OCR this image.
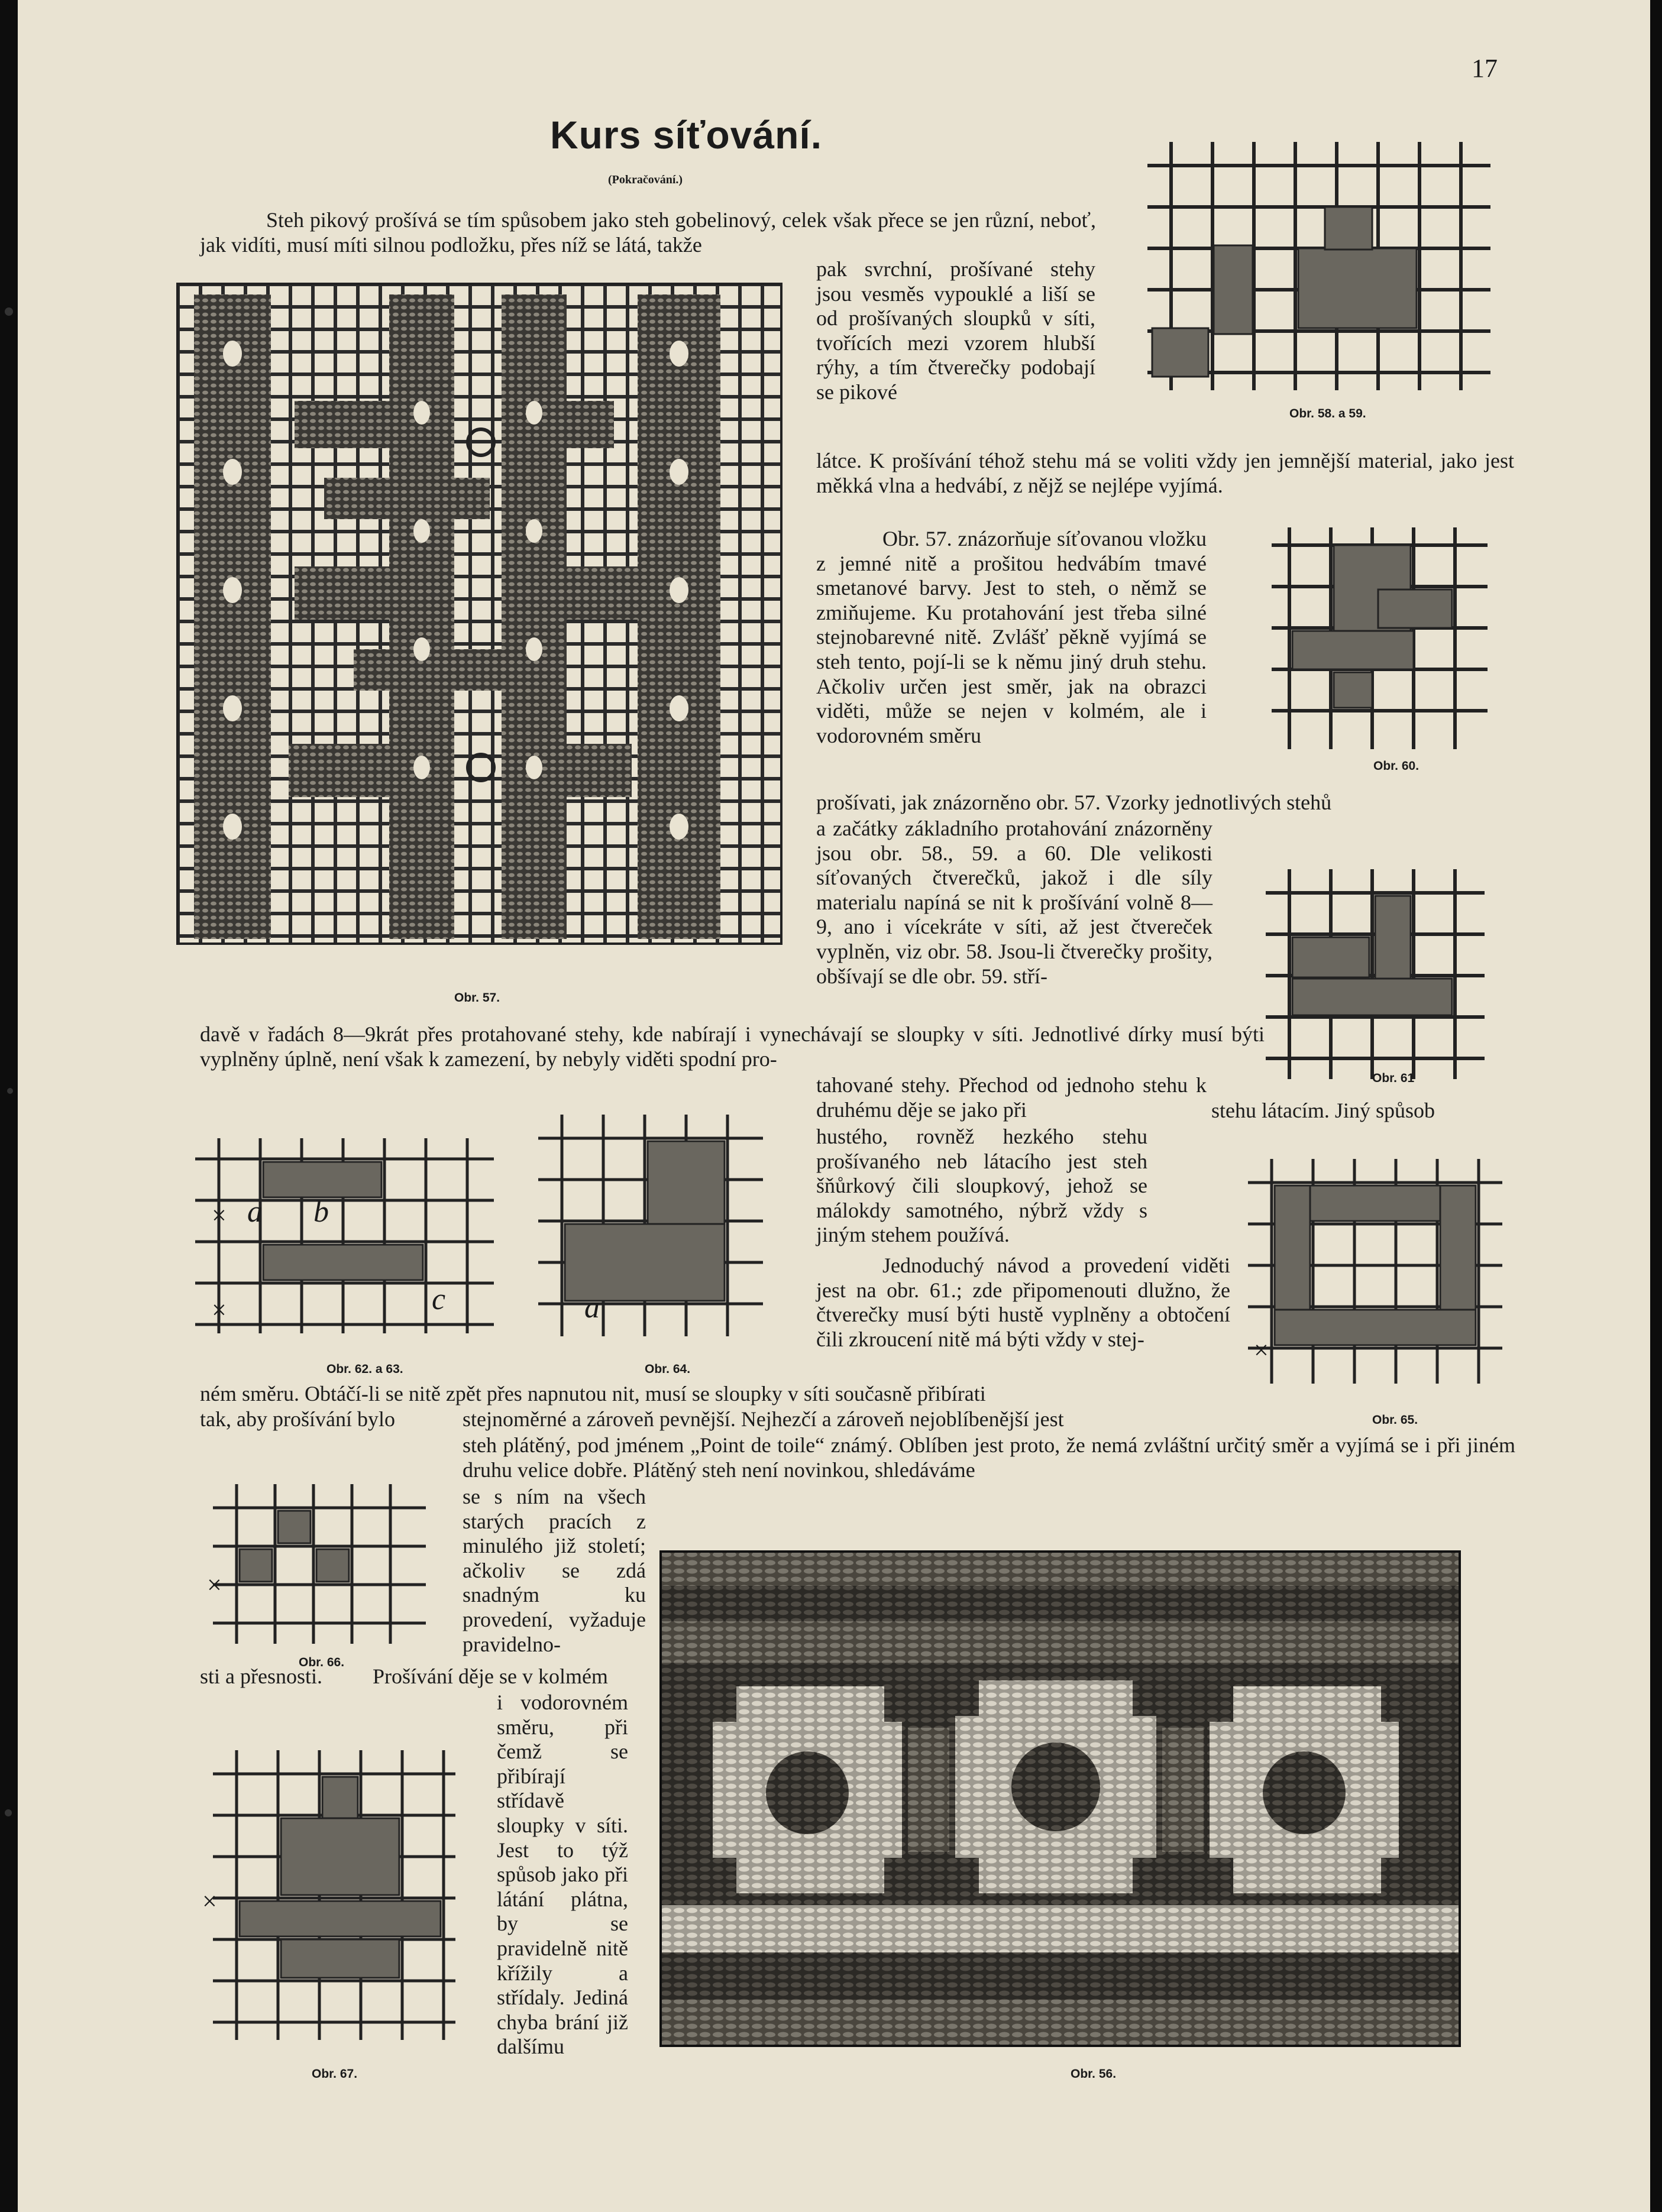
17
Kurs síťování.
(Pokračování.)

Steh pikový prošívá se tím spůsobem jako steh gobelinový, celek však přece se jen různí, neboť, jak vidíti, musí míti silnou podložku, přes níž se látá, takže

pak svrchní, prošívané stehy jsou vesměs vypouklé a liší se od prošívaných sloupků v síti, tvořících mezi vzorem hlubší rýhy, a tím čtverečky podobají se pikové

látce. K prošívání téhož stehu má se voliti vždy jen jemnější material, jako jest měkká vlna a hedvábí, z nějž se nejlépe vyjímá.

Obr. 57. znázorňuje síťovanou vložku z jemné nitě a prošitou hedvábím tmavé smetanové barvy. Jest to steh, o němž se zmiňujeme. Ku protahování jest třeba silné stejnobarevné nitě. Zvlášť pěkně vyjímá se steh tento, pojí-li se k němu jiný druh stehu. Ačkoliv určen jest směr, jak na obrazci viděti, může se nejen v kolmém, ale i vodorovném směru

prošívati, jak znázorněno obr. 57. Vzorky jednotlivých stehů

a začátky základního protahování znázorněny jsou obr. 58., 59. a 60. Dle velikosti síťovaných čtverečků, jakož i dle síly materialu napíná se nit k prošívání volně 8—9, ano i vícekráte v síti, až jest čtvereček vyplněn, viz obr. 58. Jsou-li čtverečky prošity, obšívají se dle obr. 59. stří-

davě v řadách 8—9krát přes protahované stehy, kde nabírají i vynechávají se sloupky v síti. Jednotlivé dírky musí býti vyplněny úplně, není však k zamezení, by nebyly viděti spodní pro-

tahované stehy. Přechod od jednoho stehu k druhému děje se jako při	stehu látacím. Jiný spůsob

hustého, rovněž hezkého stehu prošívaného neb látacího jest steh šňůrkový čili sloupkový, jehož se málokdy samotného, nýbrž vždy s jiným stehem používá.

Jednoduchý návod a provedení viděti jest na obr. 61.; zde připomenouti dlužno, že čtverečky musí býti hustě vyplněny a obtočení čili zkroucení nitě má býti vždy v stej-

ném směru. Obtáčí-li se nitě zpět přes napnutou nit, musí se sloupky v síti současně přibírati

tak, aby prošívání bylo	stejnoměrné a zároveň pevnější. Nejhezčí a zároveň nejoblíbenější jest

steh plátěný, pod jménem „Point de toile“ známý. Oblíben jest proto, že nemá zvláštní určitý směr a vyjímá se i při jiném druhu velice dobře. Plátěný steh není novinkou, shledáváme

se s ním na všech starých pracích z minulého již století; ačkoliv se zdá snadným ku provedení, vyžaduje pravidelno-

sti a přesnosti.	Prošívání děje se v kolmém

i vodorovném směru, při čemž se přibírají střídavě sloupky v síti. Jest to týž spůsob jako při látání plátna, by se pravidelně nitě křížily a střídaly. Jediná chyba brání již dalšímu

Obr. 57.
Obr. 58. a 59.
Obr. 60.
Obr. 61
a b
c
×
×
Obr. 62. a 63.
a
Obr. 64.
×
Obr. 65.
×
Obr. 66.
×
Obr. 67.	Obr. 56.
